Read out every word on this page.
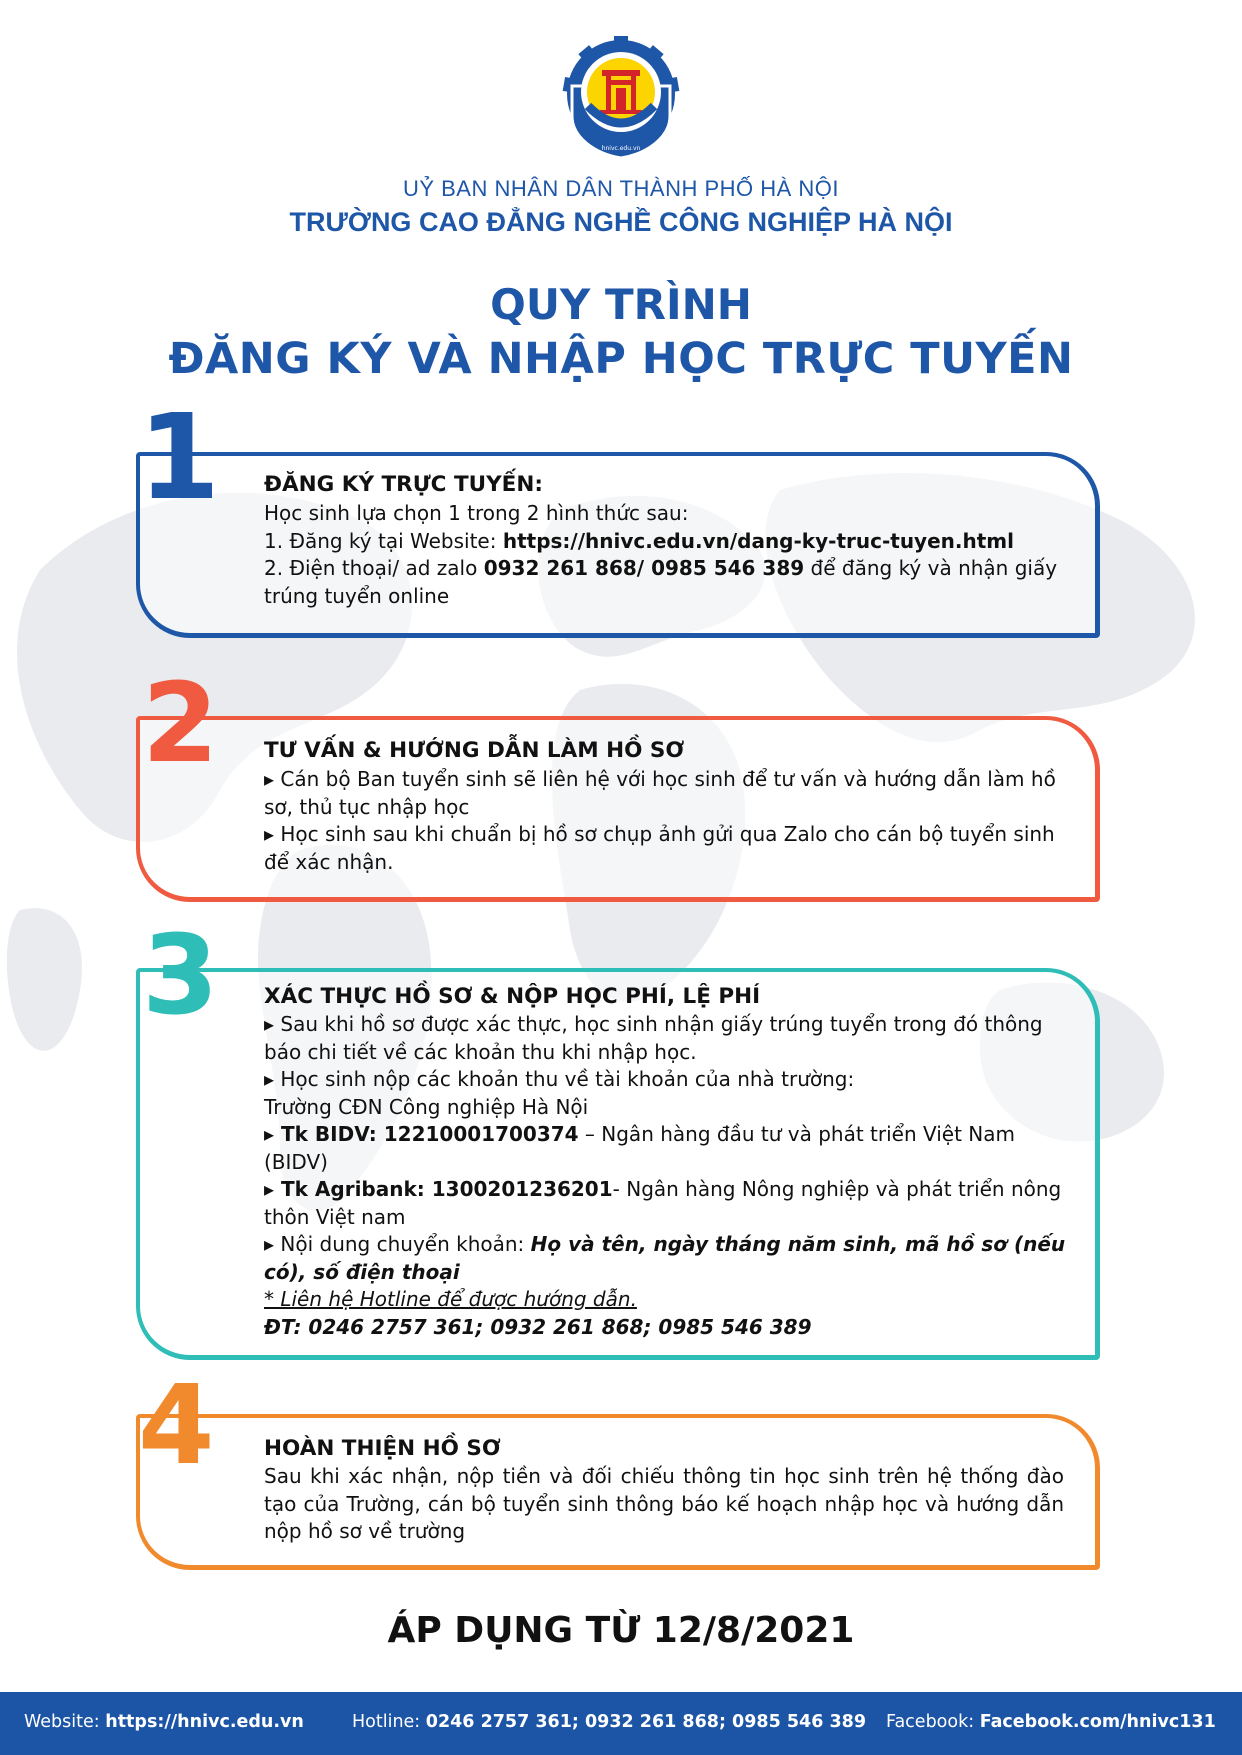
hnivc.edu.vn
UỶ BAN NHÂN DÂN THÀNH PHỐ HÀ NỘI
TRƯỜNG CAO ĐẲNG NGHỀ CÔNG NGHIỆP HÀ NỘI
QUY TRÌNH
ĐĂNG KÝ VÀ NHẬP HỌC TRỰC TUYẾN
1 ĐĂNG KÝ TRỰC TUYẾN:

Học sinh lựa chọn 1 trong 2 hình thức sau:

1. Đăng ký tại Website: https://hnivc.edu.vn/dang-ky-truc-tuyen.html

2. Điện thoại/ ad zalo 0932 261 868/ 0985 546 389 để đăng ký và nhận giấy trúng tuyển online

2 TƯ VẤN & HƯỚNG DẪN LÀM HỒ SƠ

▸ Cán bộ Ban tuyển sinh sẽ liên hệ với học sinh để tư vấn và hướng dẫn làm hồ sơ, thủ tục nhập học

▸ Học sinh sau khi chuẩn bị hồ sơ chụp ảnh gửi qua Zalo cho cán bộ tuyển sinh để xác nhận.

3 XÁC THỰC HỒ SƠ & NỘP HỌC PHÍ, LỆ PHÍ

▸ Sau khi hồ sơ được xác thực, học sinh nhận giấy trúng tuyển trong đó thông báo chi tiết về các khoản thu khi nhập học.

▸ Học sinh nộp các khoản thu về tài khoản của nhà trường:

Trường CĐN Công nghiệp Hà Nội

▸ Tk BIDV: 12210001700374 – Ngân hàng đầu tư và phát triển Việt Nam (BIDV)

▸ Tk Agribank: 1300201236201- Ngân hàng Nông nghiệp và phát triển nông thôn Việt nam

▸ Nội dung chuyển khoản: Họ và tên, ngày tháng năm sinh, mã hồ sơ (nếu có), số điện thoại

* Liên hệ Hotline để được hướng dẫn.

ĐT: 0246 2757 361; 0932 261 868; 0985 546 389

4 HOÀN THIỆN HỒ SƠ

Sau khi xác nhận, nộp tiền và đối chiếu thông tin học sinh trên hệ thống đào tạo của Trường, cán bộ tuyển sinh thông báo kế hoạch nhập học và hướng dẫn nộp hồ sơ về trường

ÁP DỤNG TỪ 12/8/2021
Website: https://hnivc.edu.vn	Hotline: 0246 2757 361; 0932 261 868; 0985 546 389 Facebook: Facebook.com/hnivc131
